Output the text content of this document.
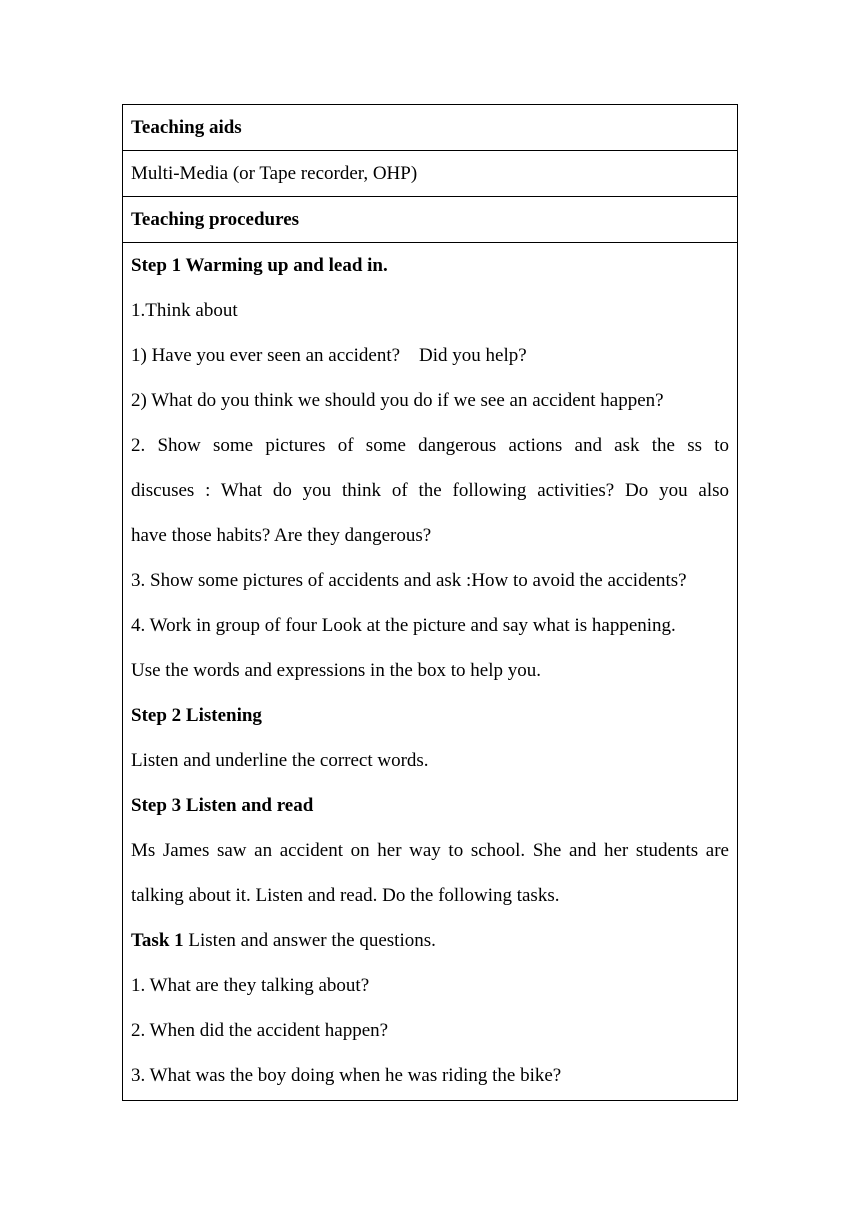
Teaching aids
Multi-Media (or Tape recorder, OHP)
Teaching procedures
Step 1 Warming up and lead in.
1.Think about
1) Have you ever seen an accident?    Did you help?
2) What do you think we should you do if we see an accident happen?
2. Show some pictures of some dangerous actions and ask the ss to
discuses : What do you think of the following activities? Do you also
have those habits? Are they dangerous?
3. Show some pictures of accidents and ask :How to avoid the accidents?
4. Work in group of four Look at the picture and say what is happening.
Use the words and expressions in the box to help you.
Step 2 Listening
Listen and underline the correct words.
Step 3 Listen and read
Ms James saw an accident on her way to school. She and her students are
talking about it. Listen and read. Do the following tasks.
Task 1 Listen and answer the questions.
1. What are they talking about?
2. When did the accident happen?
3. What was the boy doing when he was riding the bike?
